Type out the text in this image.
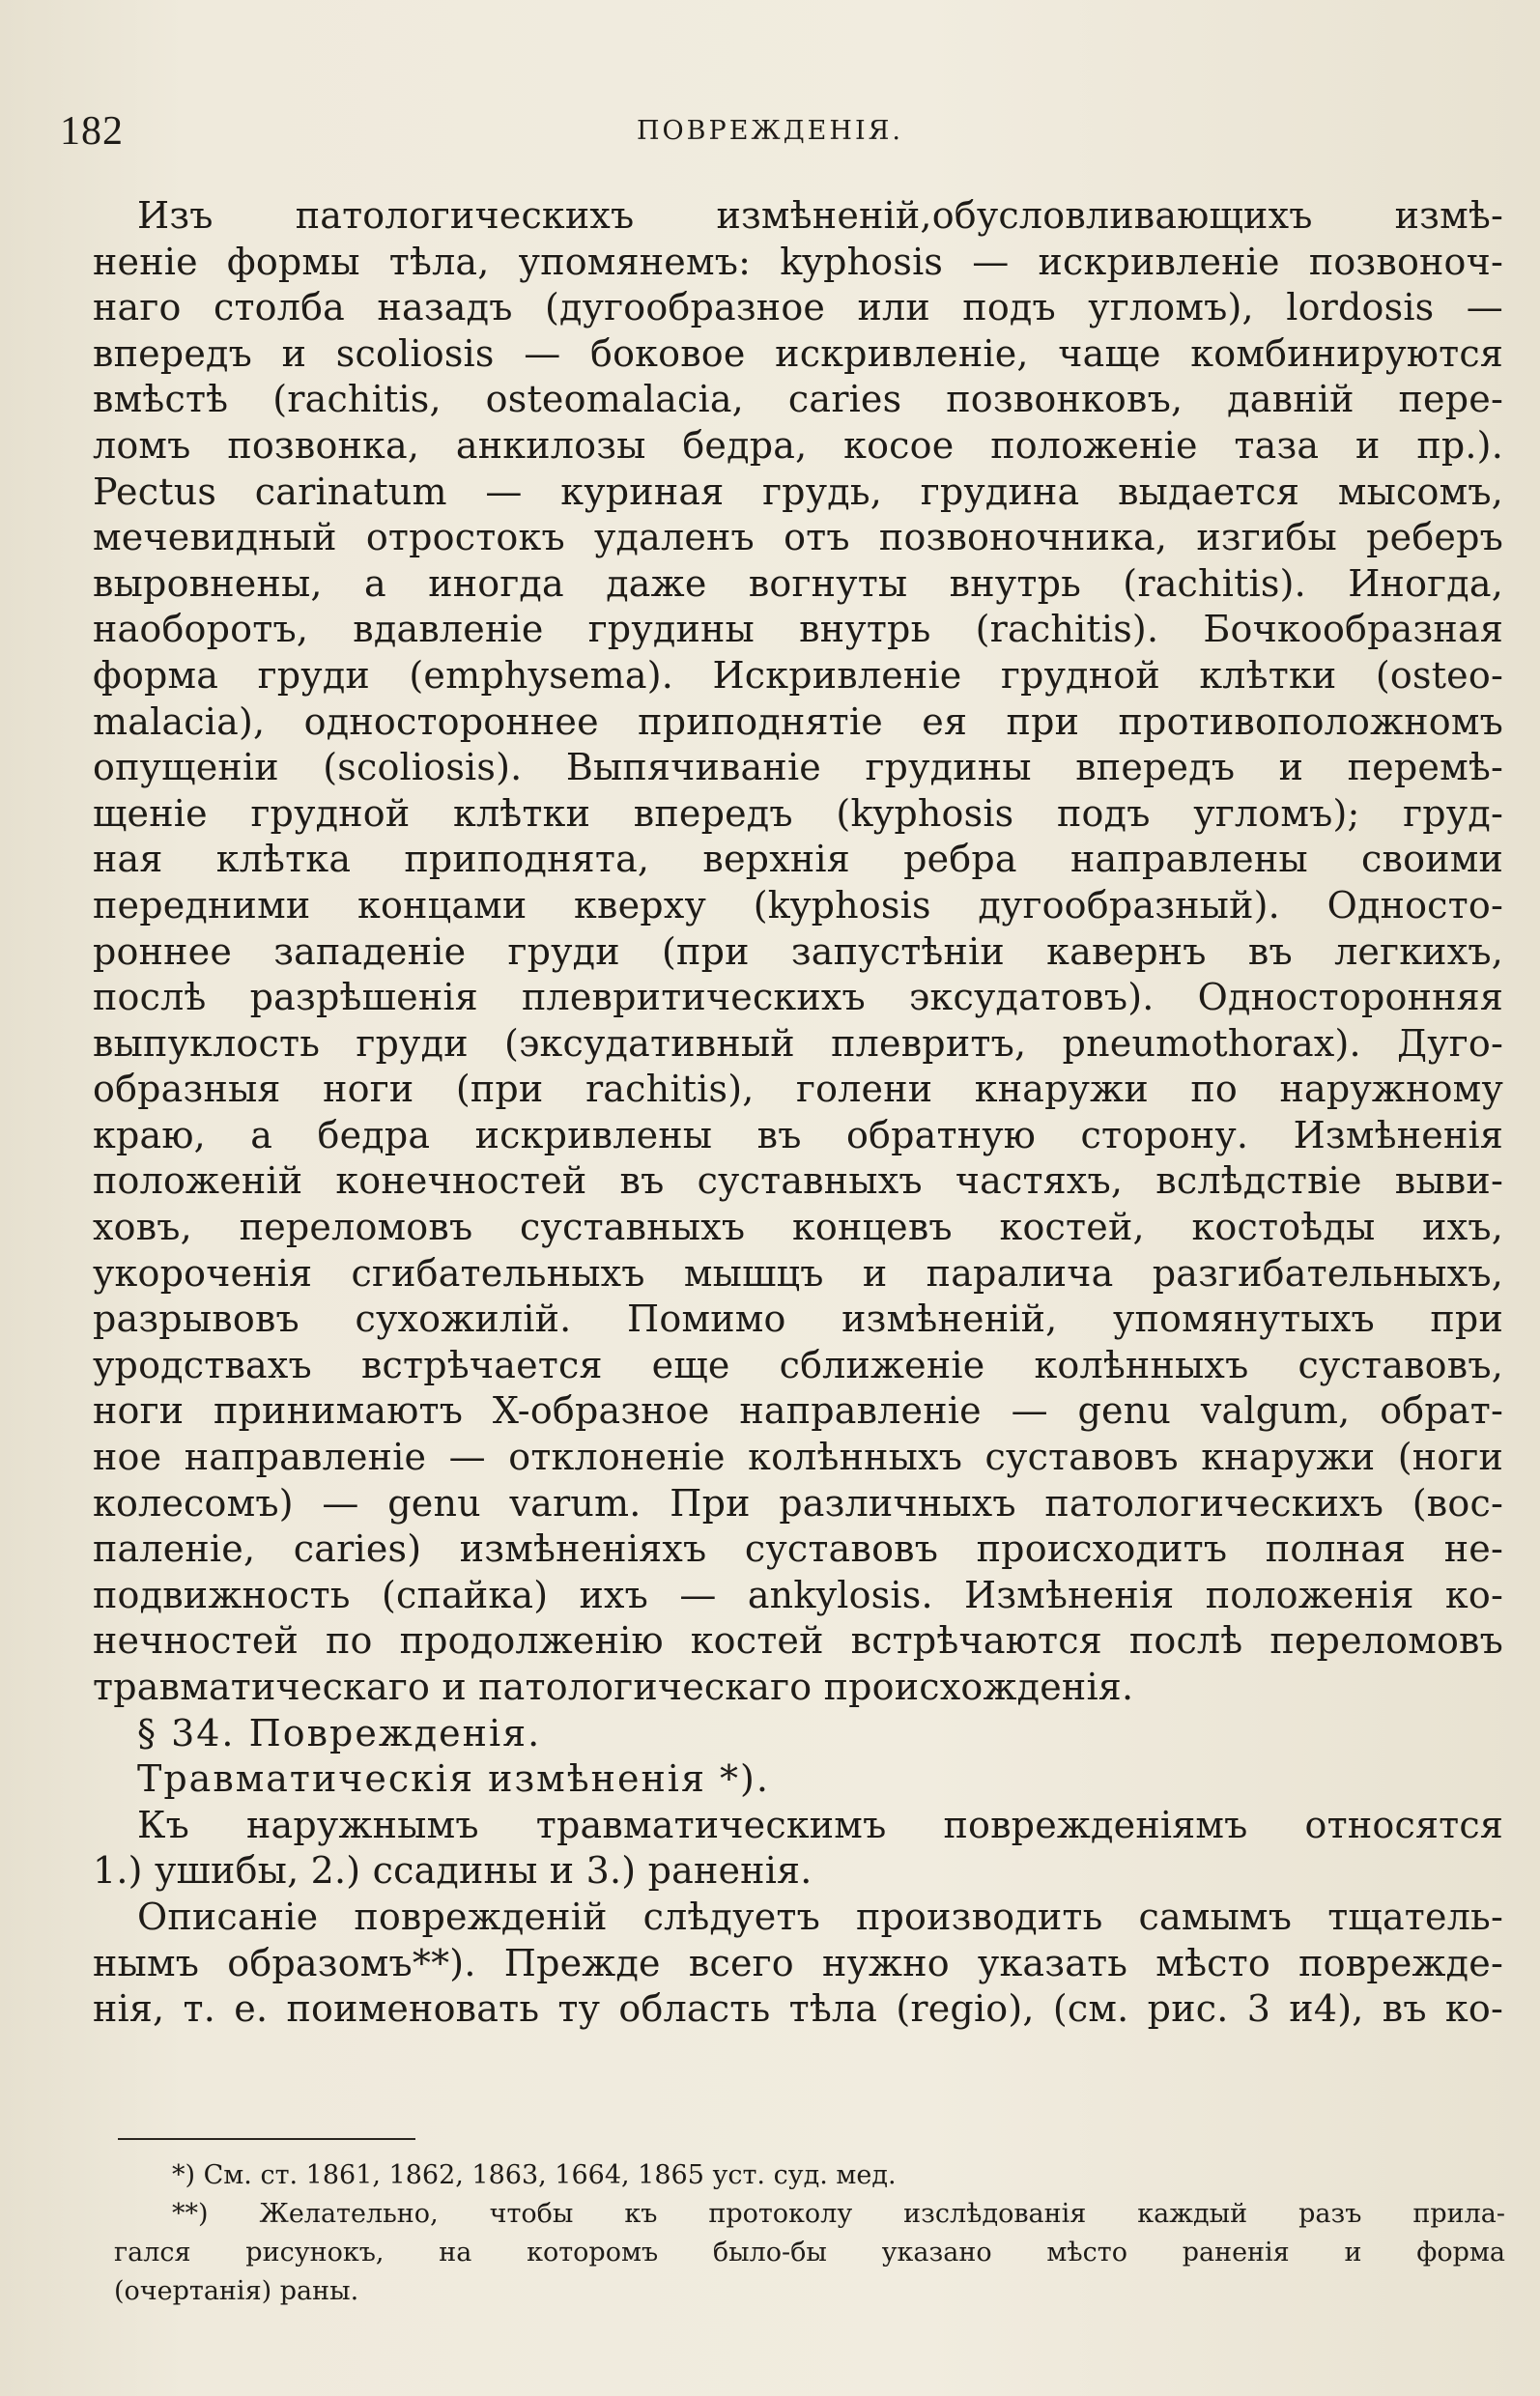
182	ПОВРЕЖДЕНІЯ.
Изъ патологическихъ измѣненій,обусловливающихъ измѣ-
неніе формы тѣла, упомянемъ: kyphosis — искривленіе позвоноч-
наго столба назадъ (дугообразное или подъ угломъ), lordosis —
впередъ и scoliosis — боковое искривленіе, чаще комбинируются
вмѣстѣ (rachitis, osteomalacia, caries позвонковъ, давній пере-
ломъ позвонка, анкилозы бедра, косое положеніе таза и пр.).
Pectus carinatum — куриная грудь, грудина выдается мысомъ,
мечевидный отростокъ удаленъ отъ позвоночника, изгибы реберъ
выровнены, а иногда даже вогнуты внутрь (rachitis). Иногда,
наоборотъ, вдавленіе грудины внутрь (rachitis). Бочкообразная
форма груди (emphysema). Искривленіе грудной клѣтки (osteo-
malacia), одностороннее приподнятіе ея при противоположномъ
опущеніи (scoliosis). Выпячиваніе грудины впередъ и перемѣ-
щеніе грудной клѣтки впередъ (kyphosis подъ угломъ); груд-
ная клѣтка приподнята, верхнія ребра направлены своими
передними концами кверху (kyphosis дугообразный). Односто-
роннее западеніе груди (при запустѣніи кавернъ въ легкихъ,
послѣ разрѣшенія плевритическихъ эксудатовъ). Односторонняя
выпуклость груди (эксудативный плевритъ, pneumothorax). Дуго-
образныя ноги (при rachitis), голени кнаружи по наружному
краю, а бедра искривлены въ обратную сторону. Измѣненія
положеній конечностей въ суставныхъ частяхъ, вслѣдствіе выви-
ховъ, переломовъ суставныхъ концевъ костей, костоѣды ихъ,
укороченія сгибательныхъ мышцъ и паралича разгибательныхъ,
разрывовъ сухожилій. Помимо измѣненій, упомянутыхъ при
уродствахъ встрѣчается еще сближеніе колѣнныхъ суставовъ,
ноги принимаютъ X-образное направленіе — genu valgum, обрат-
ное направленіе — отклоненіе колѣнныхъ суставовъ кнаружи (ноги
колесомъ) — genu varum. При различныхъ патологическихъ (вос-
паленіе, caries) измѣненіяхъ суставовъ происходитъ полная не-
подвижность (спайка) ихъ — ankylosis. Измѣненія положенія ко-
нечностей по продолженію костей встрѣчаются послѣ переломовъ
травматическаго и патологическаго происхожденія.
§ 34. Поврежденія.
Травматическія измѣненія *).
Къ наружнымъ травматическимъ поврежденіямъ относятся
1.) ушибы, 2.) ссадины и 3.) раненія.
Описаніе поврежденій слѣдуетъ производить самымъ тщатель-
нымъ образомъ**). Прежде всего нужно указать мѣсто поврежде-
нія, т. е. поименовать ту область тѣла (regio), (см. рис. 3 и4), въ ко-
*) См. ст. 1861, 1862, 1863, 1664, 1865 уст. суд. мед.
**) Желательно, чтобы къ протоколу изслѣдованія каждый разъ прила-
гался рисунокъ, на которомъ было-бы указано мѣсто раненія и форма
(очертанія) раны.
